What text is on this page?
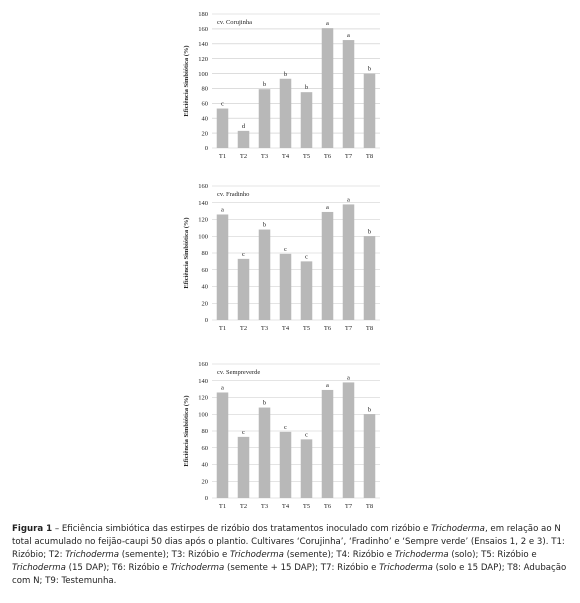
0
20
40
60
80
100
120
140
160
180
Eficiência Simbiótica (%)
cv. Corujinha
c
T1
d
T2
b
T3
b
T4
b
T5
a
T6
a
T7
b
T8
0
20
40
60
80
100
120
140
160
Eficiência Simbiótica (%)
cv. Fradinho
a
T1
c
T2
b
T3
c
T4
c
T5
a
T6
a
T7
b
T8
0
20
40
60
80
100
120
140
160
Eficiência Simbiótica (%)
cv. Sempreverde
a
T1
c
T2
b
T3
c
T4
c
T5
a
T6
a
T7
b
T8
Figura 1 – Eficiência simbiótica das estirpes de rizóbio dos tratamentos inoculado com rizóbio e Trichoderma, em relação ao N total acumulado no feijão-caupi 50 dias após o plantio. Cultivares ‘Corujinha’, ‘Fradinho’ e ‘Sempre verde’ (Ensaios 1, 2 e 3). T1: Rizóbio; T2: Trichoderma (semente); T3: Rizóbio e Trichoderma (semente); T4: Rizóbio e Trichoderma (solo); T5: Rizóbio e Trichoderma (15 DAP); T6: Rizóbio e Trichoderma (semente + 15 DAP); T7: Rizóbio e Trichoderma (solo e 15 DAP); T8: Adubação com N; T9: Testemunha.
